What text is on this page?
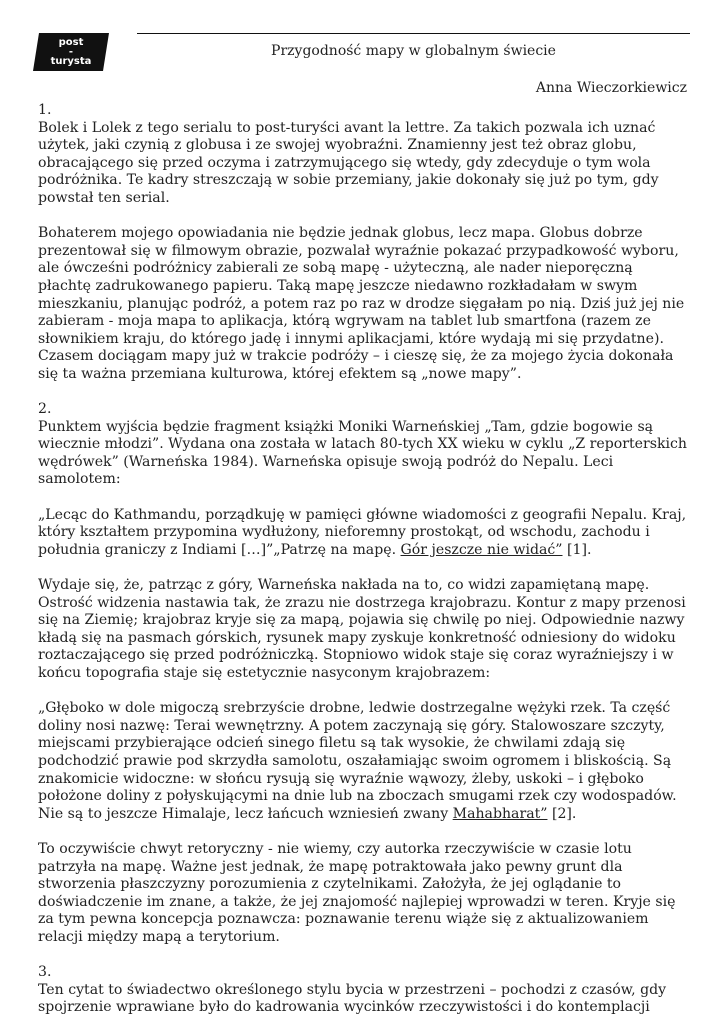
post
-
turysta
Przygodność mapy w globalnym świecie
Anna Wieczorkiewicz

1.

Bolek i Lolek z tego serialu to post-turyści avant la lettre. Za takich pozwala ich uznać użytek, jaki czynią z globusa i ze swojej wyobraźni. Znamienny jest też obraz globu, obracającego się przed oczyma i zatrzymującego się wtedy, gdy zdecyduje o tym wola podróżnika. Te kadry streszczają w sobie przemiany, jakie dokonały się już po tym, gdy powstał ten serial.

Bohaterem mojego opowiadania nie będzie jednak globus, lecz mapa. Globus dobrze prezentował się w filmowym obrazie, pozwalał wyraźnie pokazać przypadkowość wyboru, ale ówcześni podróżnicy zabierali ze sobą mapę - użyteczną, ale nader nieporęczną płachtę zadrukowanego papieru. Taką mapę jeszcze niedawno rozkładałam w swym mieszkaniu, planując podróż, a potem raz po raz w drodze sięgałam po nią. Dziś już jej nie zabieram - moja mapa to aplikacja, którą wgrywam na tablet lub smartfona (razem ze słownikiem kraju, do którego jadę i innymi aplikacjami, które wydają mi się przydatne). Czasem dociągam mapy już w trakcie podróży – i cieszę się, że za mojego życia dokonała się ta ważna przemiana kulturowa, której efektem są „nowe mapy”.

2.

Punktem wyjścia będzie fragment książki Moniki Warneńskiej „Tam, gdzie bogowie są wiecznie młodzi”. Wydana ona została w latach 80-tych XX wieku w cyklu „Z reporterskich wędrówek” (Warneńska 1984). Warneńska opisuje swoją podróż do Nepalu. Leci samolotem:

„Lecąc do Kathmandu, porządkuję w pamięci główne wiadomości z geografii Nepalu. Kraj, który kształtem przypomina wydłużony, nieforemny prostokąt, od wschodu, zachodu i południa graniczy z Indiami […]”„Patrzę na mapę. Gór jeszcze nie widać” [1].

Wydaje się, że, patrząc z góry, Warneńska nakłada na to, co widzi zapamiętaną mapę. Ostrość widzenia nastawia tak, że zrazu nie dostrzega krajobrazu. Kontur z mapy przenosi się na Ziemię; krajobraz kryje się za mapą, pojawia się chwilę po niej. Odpowiednie nazwy kładą się na pasmach górskich, rysunek mapy zyskuje konkretność odniesiony do widoku roztaczającego się przed podróżniczką. Stopniowo widok staje się coraz wyraźniejszy i w końcu topografia staje się estetycznie nasyconym krajobrazem:

„Głęboko w dole migoczą srebrzyście drobne, ledwie dostrzegalne wężyki rzek. Ta część doliny nosi nazwę: Terai wewnętrzny. A potem zaczynają się góry. Stalowoszare szczyty, miejscami przybierające odcień sinego filetu są tak wysokie, że chwilami zdają się podchodzić prawie pod skrzydła samolotu, oszałamiając swoim ogromem i bliskością. Są znakomicie widoczne: w słońcu rysują się wyraźnie wąwozy, żleby, uskoki – i głęboko położone doliny z połyskującymi na dnie lub na zboczach smugami rzek czy wodospadów. Nie są to jeszcze Himalaje, lecz łańcuch wzniesień zwany Mahabharat” [2].

To oczywiście chwyt retoryczny - nie wiemy, czy autorka rzeczywiście w czasie lotu patrzyła na mapę. Ważne jest jednak, że mapę potraktowała jako pewny grunt dla stworzenia płaszczyzny porozumienia z czytelnikami. Założyła, że jej oglądanie to doświadczenie im znane, a także, że jej znajomość najlepiej wprowadzi w teren. Kryje się za tym pewna koncepcja poznawcza: poznawanie terenu wiąże się z aktualizowaniem relacji między mapą a terytorium.

3.

Ten cytat to świadectwo określonego stylu bycia w przestrzeni – pochodzi z czasów, gdy spojrzenie wprawiane było do kadrowania wycinków rzeczywistości i do kontemplacji
